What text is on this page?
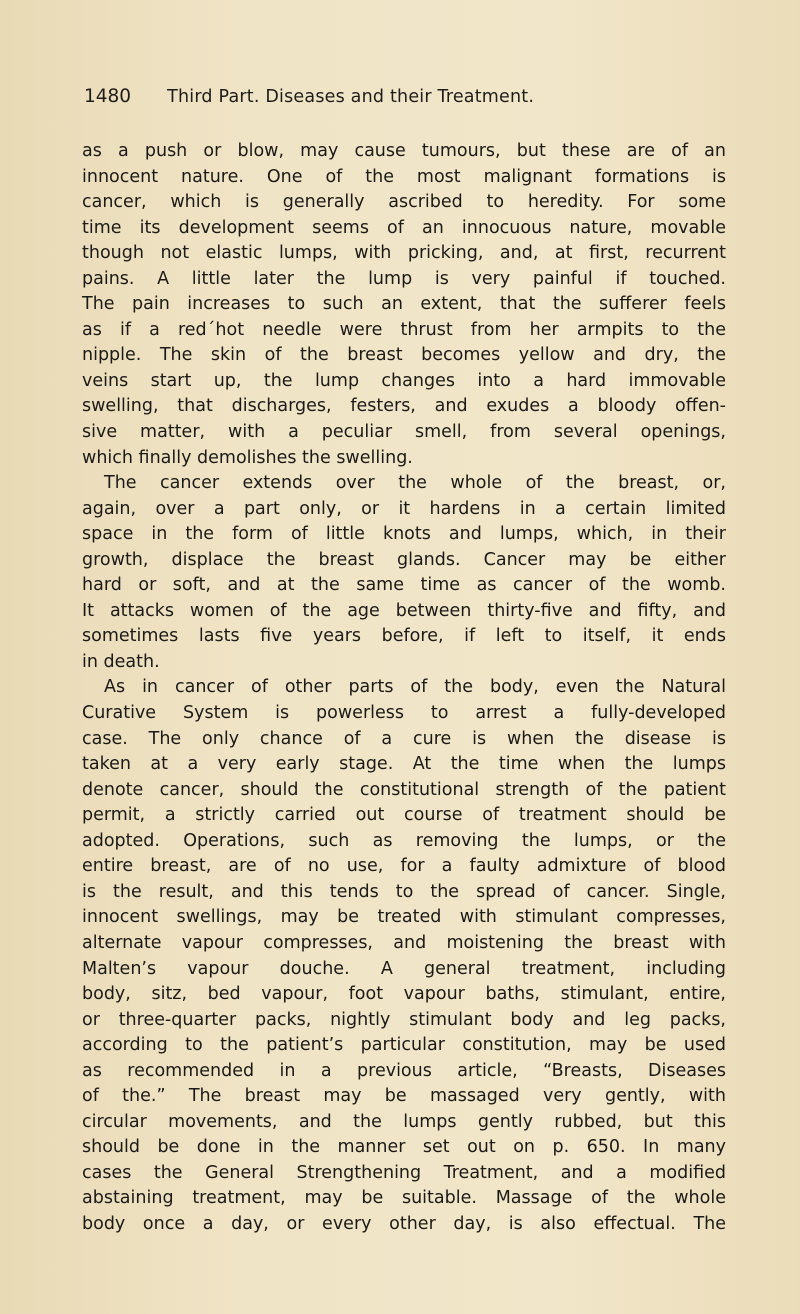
1480 Third Part. Diseases and their Treatment.
as a push or blow, may cause tumours, but these are of an
innocent nature. One of the most malignant formations is
cancer, which is generally ascribed to heredity. For some
time its development seems of an innocuous nature, movable
though not elastic lumps, with pricking, and, at first, recurrent
pains. A little later the lump is very painful if touched.
The pain increases to such an extent, that the sufferer feels
as if a red´hot needle were thrust from her armpits to the
nipple. The skin of the breast becomes yellow and dry, the
veins start up, the lump changes into a hard immovable
swelling, that discharges, festers, and exudes a bloody offen-
sive matter, with a peculiar smell, from several openings,
which finally demolishes the swelling.
The cancer extends over the whole of the breast, or,
again, over a part only, or it hardens in a certain limited
space in the form of little knots and lumps, which, in their
growth, displace the breast glands. Cancer may be either
hard or soft, and at the same time as cancer of the womb.
It attacks women of the age between thirty-five and fifty, and
sometimes lasts five years before, if left to itself, it ends
in death.
As in cancer of other parts of the body, even the Natural
Curative System is powerless to arrest a fully-developed
case. The only chance of a cure is when the disease is
taken at a very early stage. At the time when the lumps
denote cancer, should the constitutional strength of the patient
permit, a strictly carried out course of treatment should be
adopted. Operations, such as removing the lumps, or the
entire breast, are of no use, for a faulty admixture of blood
is the result, and this tends to the spread of cancer. Single,
innocent swellings, may be treated with stimulant compresses,
alternate vapour compresses, and moistening the breast with
Malten’s vapour douche. A general treatment, including
body, sitz, bed vapour, foot vapour baths, stimulant, entire,
or three-quarter packs, nightly stimulant body and leg packs,
according to the patient’s particular constitution, may be used
as recommended in a previous article, “Breasts, Diseases
of the.” The breast may be massaged very gently, with
circular movements, and the lumps gently rubbed, but this
should be done in the manner set out on p. 650. In many
cases the General Strengthening Treatment, and a modified
abstaining treatment, may be suitable. Massage of the whole
body once a day, or every other day, is also effectual. The
